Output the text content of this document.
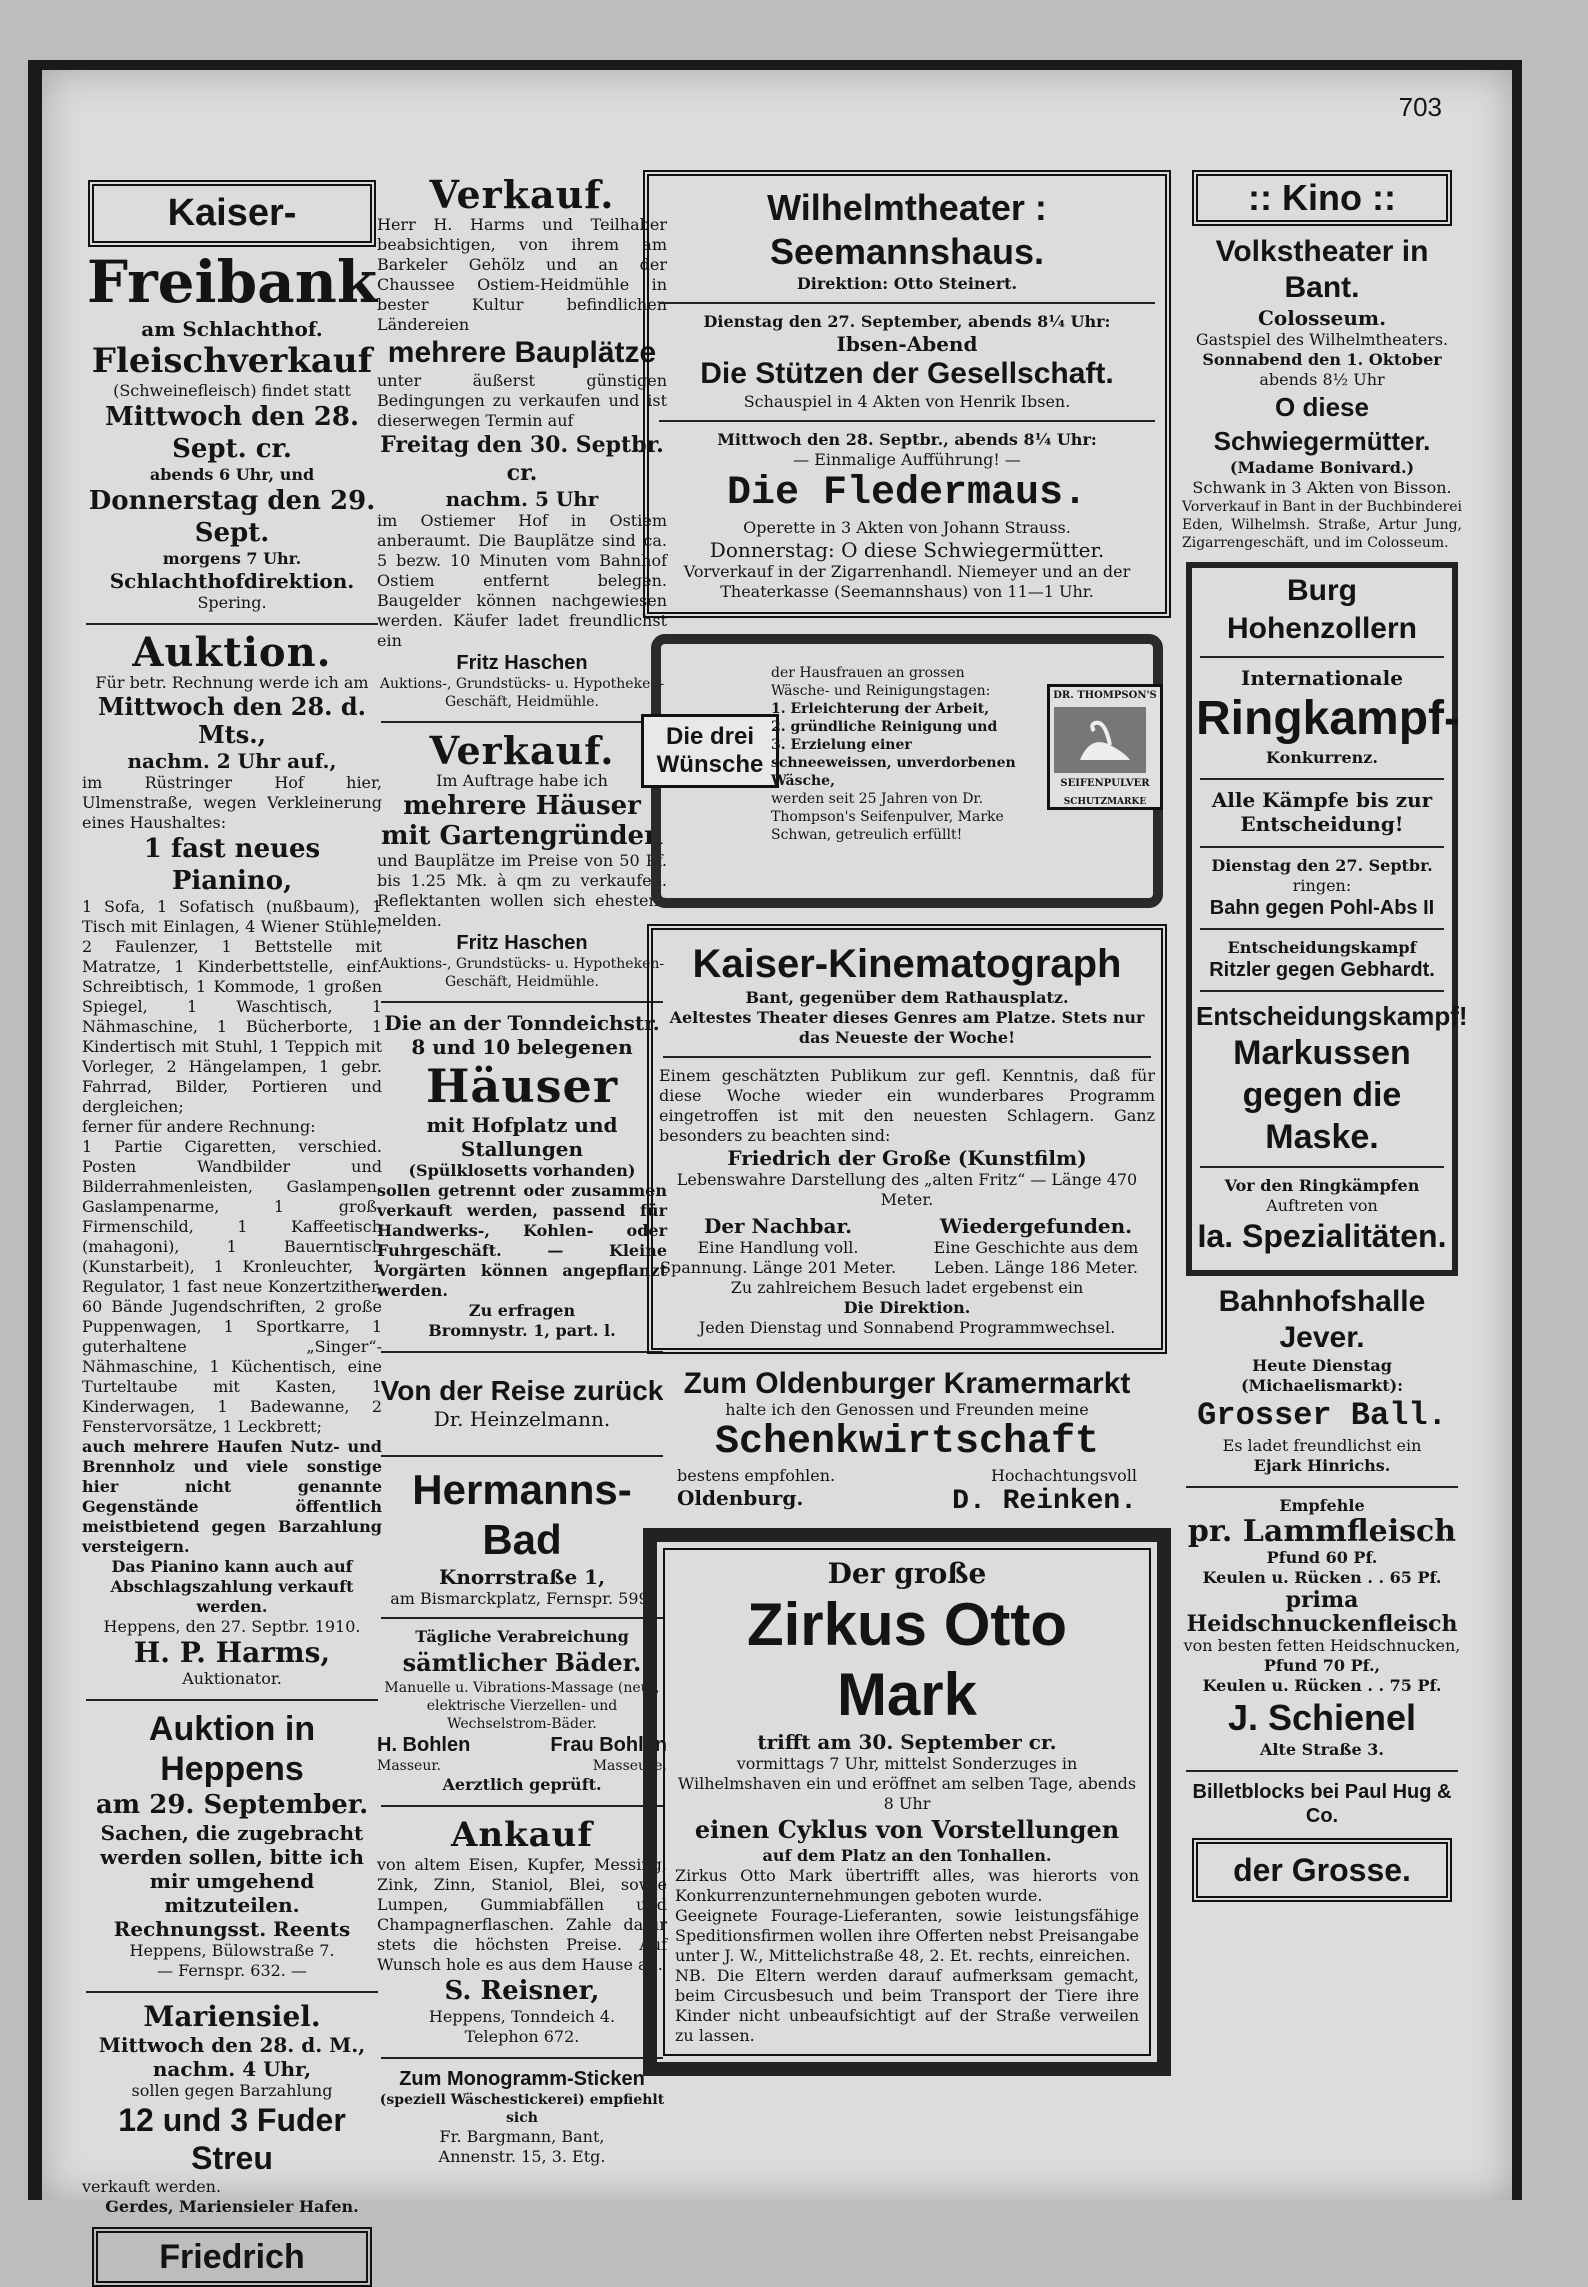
703
Kaiser-
Freibank
am Schlachthof.
Fleischverkauf
(Schweinefleisch) findet statt
Mittwoch den 28. Sept. cr.
abends 6 Uhr, und
Donnerstag den 29. Sept.
morgens 7 Uhr.
Schlachthofdirektion.
Spering.
Auktion.
Für betr. Rechnung werde ich am
Mittwoch den 28. d. Mts.,
nachm. 2 Uhr auf.,
im Rüstringer Hof hier, Ulmenstraße, wegen Verkleinerung eines Haushaltes:
1 fast neues Pianino,
1 Sofa, 1 Sofatisch (nußbaum), 1 Tisch mit Einlagen, 4 Wiener Stühle, 2 Faulenzer, 1 Bettstelle mit Matratze, 1 Kinderbettstelle, einf. Schreibtisch, 1 Kommode, 1 großen Spiegel, 1 Waschtisch, 1 Nähmaschine, 1 Bücherborte, 1 Kindertisch mit Stuhl, 1 Teppich mit Vorleger, 2 Hängelampen, 1 gebr. Fahrrad, Bilder, Portieren und dergleichen;
ferner für andere Rechnung:
1 Partie Cigaretten, verschied. Posten Wandbilder und Bilderrahmenleisten, Gaslampen, Gaslampenarme, 1 groß. Firmenschild, 1 Kaffeetisch (mahagoni), 1 Bauerntisch (Kunstarbeit), 1 Kronleuchter, 1 Regulator, 1 fast neue Konzertzither, 60 Bände Jugendschriften, 2 große Puppenwagen, 1 Sportkarre, 1 guterhaltene „Singer“-Nähmaschine, 1 Küchentisch, eine Turteltaube mit Kasten, 1 Kinderwagen, 1 Badewanne, 2 Fenstervorsätze, 1 Leckbrett;
auch mehrere Haufen Nutz- und Brennholz und viele sonstige hier nicht genannte Gegenstände öffentlich meistbietend gegen Barzahlung versteigern.
Das Pianino kann auch auf Abschlagszahlung verkauft werden.
Heppens, den 27. Septbr. 1910.
H. P. Harms,
Auktionator.
Auktion in Heppens
am 29. September.
Sachen, die zugebracht werden sollen, bitte ich mir umgehend mitzuteilen.
Rechnungsst. Reents
Heppens, Bülowstraße 7.
— Fernspr. 632. —
Mariensiel.
Mittwoch den 28. d. M.,
nachm. 4 Uhr,
sollen gegen Barzahlung
12 und 3 Fuder Streu
verkauft werden.
Gerdes, Mariensieler Hafen.
Friedrich
Verkauf.
Herr H. Harms und Teilhaber beabsichtigen, von ihrem am Barkeler Gehölz und an der Chaussee Ostiem-Heidmühle in bester Kultur befindlichen Ländereien
mehrere Bauplätze
unter äußerst günstigen Bedingungen zu verkaufen und ist dieserwegen Termin auf
Freitag den 30. Septbr. cr.
nachm. 5 Uhr
im Ostiemer Hof in Ostiem anberaumt. Die Bauplätze sind ca. 5 bezw. 10 Minuten vom Bahnhof Ostiem entfernt belegen. Baugelder können nachgewiesen werden. Käufer ladet freundlichst ein
Fritz Haschen
Auktions-, Grundstücks- u. Hypotheken-Geschäft, Heidmühle.
Verkauf.
Im Auftrage habe ich
mehrere Häuser mit Gartengründen
und Bauplätze im Preise von 50 Pf. bis 1.25 Mk. à qm zu verkaufen. Reflektanten wollen sich ehestens melden.
Fritz Haschen
Auktions-, Grundstücks- u. Hypotheken-Geschäft, Heidmühle.
Die an der Tonndeichstr. 8 und 10 belegenen
Häuser
mit Hofplatz und Stallungen
(Spülklosetts vorhanden)
sollen getrennt oder zusammen verkauft werden, passend für Handwerks-, Kohlen- oder Fuhrgeschäft. — Kleine Vorgärten können angepflanzt werden.
Zu erfragen
Bromnystr. 1, part. l.
Von der Reise zurück
Dr. Heinzelmann.
Hermanns-Bad
Knorrstraße 1,
am Bismarckplatz, Fernspr. 599.
Tägliche Verabreichung
sämtlicher Bäder.
Manuelle u. Vibrations-Massage (neu), elektrische Vierzellen- und Wechselstrom-Bäder.
H. Bohlen	Frau Bohlen
Masseur.	Masseuse.
Aerztlich geprüft.
Ankauf
von altem Eisen, Kupfer, Messing, Zink, Zinn, Staniol, Blei, sowie Lumpen, Gummiabfällen und Champagnerflaschen. Zahle dafür stets die höchsten Preise. Auf Wunsch hole es aus dem Hause ab.
S. Reisner,
Heppens, Tonndeich 4.
Telephon 672.
Zum Monogramm-Sticken
(speziell Wäschestickerei) empfiehlt sich
Fr. Bargmann, Bant,
Annenstr. 15, 3. Etg.
Wilhelmtheater : Seemannshaus.
Direktion: Otto Steinert.
Dienstag den 27. September, abends 8¼ Uhr:
Ibsen-Abend
Die Stützen der Gesellschaft.
Schauspiel in 4 Akten von Henrik Ibsen.
Mittwoch den 28. Septbr., abends 8¼ Uhr:
— Einmalige Aufführung! —
Die Fledermaus.
Operette in 3 Akten von Johann Strauss.
Donnerstag: O diese Schwiegermütter.
Vorverkauf in der Zigarrenhandl. Niemeyer und an der Theaterkasse (Seemannshaus) von 11—1 Uhr.
Die drei Wünsche
der Hausfrauen an grossen Wäsche- und Reinigungstagen:
1. Erleichterung der Arbeit,
2. gründliche Reinigung und
3. Erzielung einer schneeweissen, unverdorbenen Wäsche,
werden seit 25 Jahren von Dr. Thompson's Seifenpulver, Marke Schwan, getreulich erfüllt!
DR. THOMPSON'S
SEIFENPULVER
SCHUTZMARKE
Kaiser-Kinematograph
Bant, gegenüber dem Rathausplatz.
Aeltestes Theater dieses Genres am Platze. Stets nur das Neueste der Woche!
Einem geschätzten Publikum zur gefl. Kenntnis, daß für diese Woche wieder ein wunderbares Programm eingetroffen ist mit den neuesten Schlagern. Ganz besonders zu beachten sind:
Friedrich der Große (Kunstfilm)
Lebenswahre Darstellung des „alten Fritz“ — Länge 470 Meter.
Der Nachbar.
Eine Handlung voll. Spannung. Länge 201 Meter.
Wiedergefunden.
Eine Geschichte aus dem Leben. Länge 186 Meter.
Zu zahlreichem Besuch ladet ergebenst ein
Die Direktion.
Jeden Dienstag und Sonnabend Programmwechsel.
Zum Oldenburger Kramermarkt
halte ich den Genossen und Freunden meine
Schenkwirtschaft
bestens empfohlen.	Hochachtungsvoll
Oldenburg.	D. Reinken.
Der große
Zirkus Otto Mark
trifft am 30. September cr.
vormittags 7 Uhr, mittelst Sonderzuges in Wilhelmshaven ein und eröffnet am selben Tage, abends 8 Uhr
einen Cyklus von Vorstellungen
auf dem Platz an den Tonhallen.
Zirkus Otto Mark übertrifft alles, was hierorts von Konkurrenzunternehmungen geboten wurde.
Geeignete Fourage-Lieferanten, sowie leistungsfähige Speditionsfirmen wollen ihre Offerten nebst Preisangabe unter J. W., Mittelichstraße 48, 2. Et. rechts, einreichen.
NB. Die Eltern werden darauf aufmerksam gemacht, beim Circusbesuch und beim Transport der Tiere ihre Kinder nicht unbeaufsichtigt auf der Straße verweilen zu lassen.
:: Kino ::
Volkstheater in Bant.
Colosseum.
Gastspiel des Wilhelmtheaters.
Sonnabend den 1. Oktober
abends 8½ Uhr
O diese Schwiegermütter.
(Madame Bonivard.)
Schwank in 3 Akten von Bisson.
Vorverkauf in Bant in der Buchbinderei Eden, Wilhelmsh. Straße, Artur Jung, Zigarrengeschäft, und im Colosseum.
Burg Hohenzollern
Internationale
Ringkampf-
Konkurrenz.
Alle Kämpfe bis zur Entscheidung!
Dienstag den 27. Septbr.
ringen:
Bahn gegen Pohl-Abs II
Entscheidungskampf
Ritzler gegen Gebhardt.
Entscheidungskampf!
Markussen gegen die Maske.
Vor den Ringkämpfen
Auftreten von
Ia. Spezialitäten.
Bahnhofshalle Jever.
Heute Dienstag (Michaelismarkt):
Grosser Ball.
Es ladet freundlichst ein
Ejark Hinrichs.
Empfehle
pr. Lammfleisch
Pfund 60 Pf.
Keulen u. Rücken . . 65 Pf.
prima Heidschnuckenfleisch
von besten fetten Heidschnucken,
Pfund 70 Pf.,
Keulen u. Rücken . . 75 Pf.
J. Schienel
Alte Straße 3.
Billetblocks bei Paul Hug & Co.
der Grosse.
